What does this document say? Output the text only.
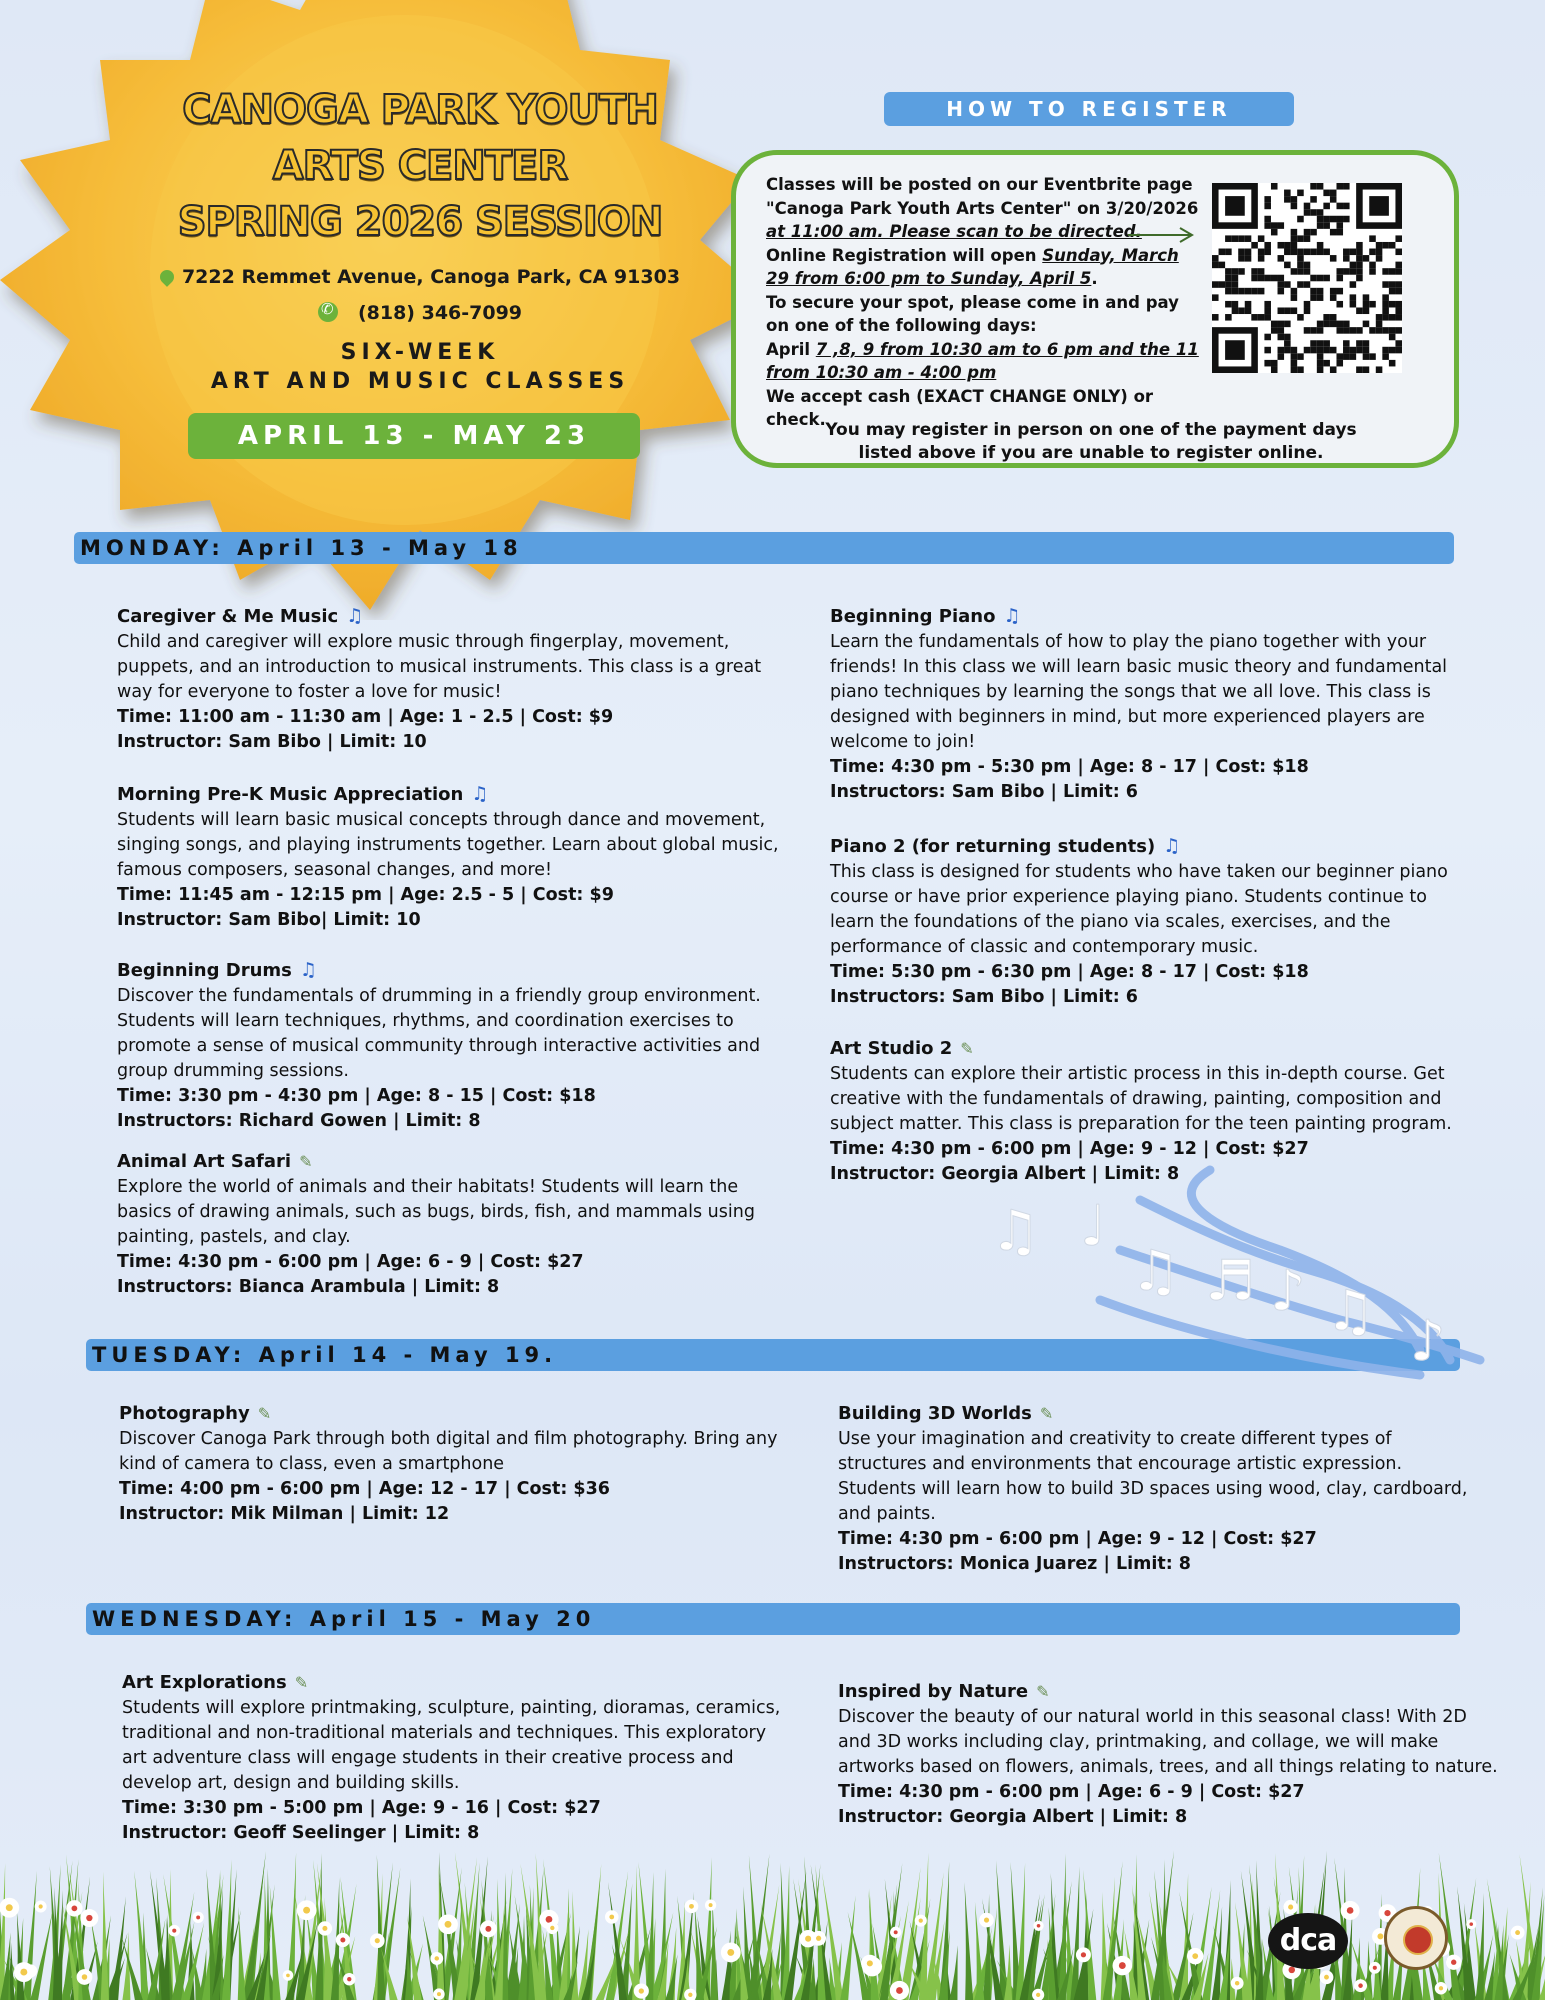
CANOGA PARK YOUTH
ARTS CENTER
SPRING 2026 SESSION
7222 Remmet Avenue, Canoga Park, CA 91303
✆(818) 346-7099
SIX-WEEK
ART AND MUSIC CLASSES
APRIL 13 - MAY 23
HOW TO REGISTER
Classes will be posted on our Eventbrite page "Canoga Park Youth Arts Center" on 3/20/2026 at 11:00 am. Please scan to be directed.
Online Registration will open Sunday, March 29 from 6:00 pm to Sunday, April 5.
To secure your spot, please come in and pay on one of the following days:
April 7 ,8, 9 from 10:30 am to 6 pm and the 11 from 10:30 am - 4:00 pm
We accept cash (EXACT CHANGE ONLY) or check.
You may register in person on one of the payment days
listed above if you are unable to register online.
MONDAY: April 13 - May 18
TUESDAY: April 14 - May 19.
WEDNESDAY: April 15 - May 20
Caregiver & Me Music ♫
Child and caregiver will explore music through fingerplay, movement, puppets, and an introduction to musical instruments. This class is a great way for everyone to foster a love for music!
Time: 11:00 am - 11:30 am | Age: 1 - 2.5 | Cost: $9
Instructor: Sam Bibo | Limit: 10
Morning Pre-K Music Appreciation ♫
Students will learn basic musical concepts through dance and movement, singing songs, and playing instruments together. Learn about global music, famous composers, seasonal changes, and more!
Time: 11:45 am - 12:15 pm | Age: 2.5 - 5 | Cost: $9
Instructor: Sam Bibo| Limit: 10
Beginning Drums ♫
Discover the fundamentals of drumming in a friendly group environment. Students will learn techniques, rhythms, and coordination exercises to promote a sense of musical community through interactive activities and group drumming sessions.
Time: 3:30 pm - 4:30 pm | Age: 8 - 15 | Cost: $18
Instructors: Richard Gowen | Limit: 8
Animal Art Safari ✎
Explore the world of animals and their habitats! Students will learn the basics of drawing animals, such as bugs, birds, fish, and mammals using painting, pastels, and clay.
Time: 4:30 pm - 6:00 pm | Age: 6 - 9 | Cost: $27
Instructors: Bianca Arambula | Limit: 8
Beginning Piano ♫
Learn the fundamentals of how to play the piano together with your friends! In this class we will learn basic music theory and fundamental piano techniques by learning the songs that we all love. This class is designed with beginners in mind, but more experienced players are welcome to join!
Time: 4:30 pm - 5:30 pm | Age: 8 - 17 | Cost: $18
Instructors: Sam Bibo | Limit: 6
Piano 2 (for returning students) ♫
This class is designed for students who have taken our beginner piano course or have prior experience playing piano. Students continue to learn the foundations of the piano via scales, exercises, and the performance of classic and contemporary music.
Time: 5:30 pm - 6:30 pm | Age: 8 - 17 | Cost: $18
Instructors: Sam Bibo | Limit: 6
Art Studio 2 ✎
Students can explore their artistic process in this in-depth course. Get creative with the fundamentals of drawing, painting, composition and subject matter. This class is preparation for the teen painting program.
Time: 4:30 pm - 6:00 pm | Age: 9 - 12 | Cost: $27
Instructor: Georgia Albert | Limit: 8
♫ ♩
♫ ♬ ♪ ♫ ♪
Photography ✎
Discover Canoga Park through both digital and film photography. Bring any kind of camera to class, even a smartphone
Time: 4:00 pm - 6:00 pm | Age: 12 - 17 | Cost: $36
Instructor: Mik Milman | Limit: 12
Building 3D Worlds ✎
Use your imagination and creativity to create different types of structures and environments that encourage artistic expression. Students will learn how to build 3D spaces using wood, clay, cardboard, and paints.
Time: 4:30 pm - 6:00 pm | Age: 9 - 12 | Cost: $27
Instructors: Monica Juarez | Limit: 8
Art Explorations ✎
Students will explore printmaking, sculpture, painting, dioramas, ceramics, traditional and non-traditional materials and techniques. This exploratory art adventure class will engage students in their creative process and develop art, design and building skills.
Time: 3:30 pm - 5:00 pm | Age: 9 - 16 | Cost: $27
Instructor: Geoff Seelinger | Limit: 8
Inspired by Nature ✎
Discover the beauty of our natural world in this seasonal class! With 2D and 3D works including clay, printmaking, and collage, we will make artworks based on flowers, animals, trees, and all things relating to nature.
Time: 4:30 pm - 6:00 pm | Age: 6 - 9 | Cost: $27
Instructor: Georgia Albert | Limit: 8
dca
